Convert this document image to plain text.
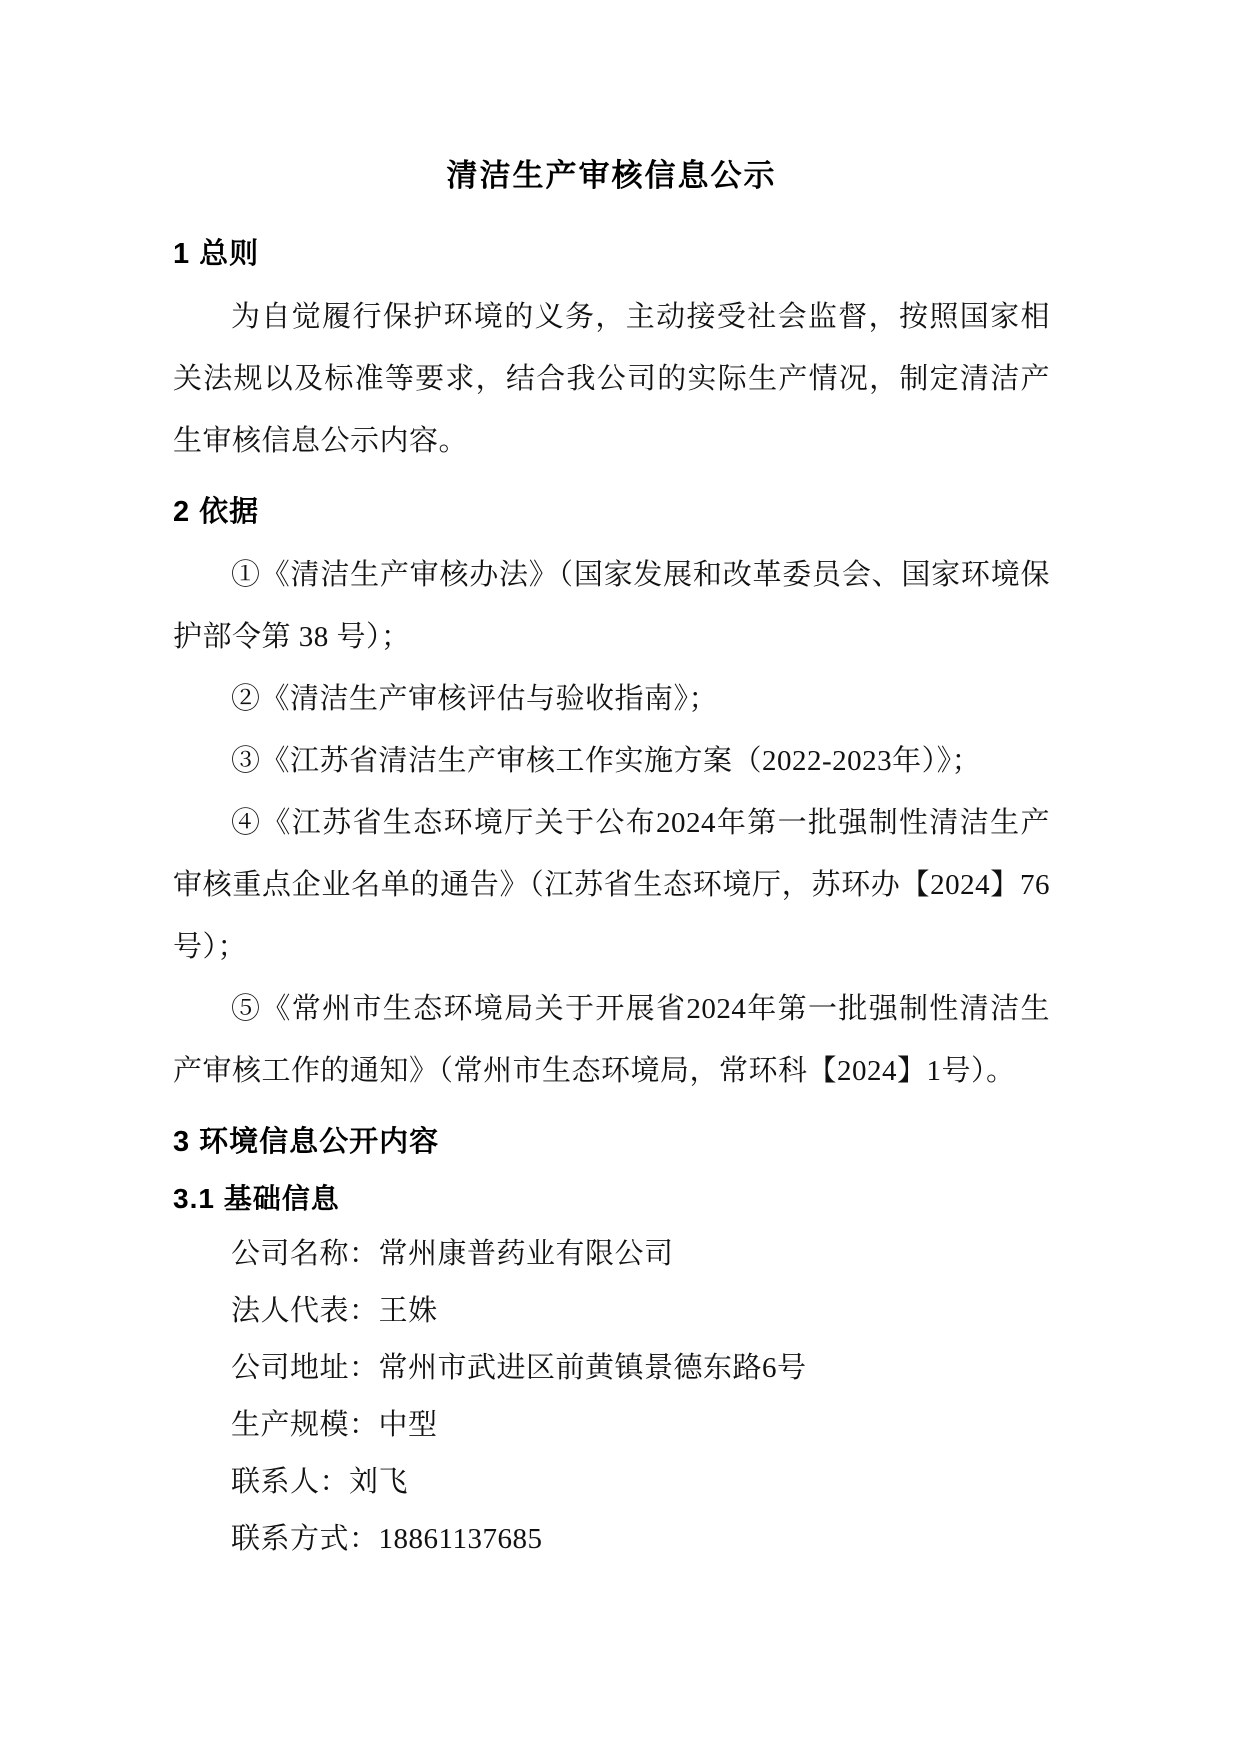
清洁生产审核信息公示
1 总则

为自觉履行保护环境的义务，主动接受社会监督，按照国家相关法规以及标准等要求，结合我公司的实际生产情况，制定清洁产生审核信息公示内容。

2 依据
①《清洁生产审核办法》（国家发展和改革委员会、国家环境保护部令第 38 号）；
②《清洁生产审核评估与验收指南》；
③《江苏省清洁生产审核工作实施方案（2022-2023年）》；
④《江苏省生态环境厅关于公布2024年第一批强制性清洁生产审核重点企业名单的通告》（江苏省生态环境厅，苏环办【2024】76 号）；
⑤《常州市生态环境局关于开展省2024年第一批强制性清洁生产审核工作的通知》（常州市生态环境局，常环科【2024】1号）。
3 环境信息公开内容
3.1 基础信息

公司名称：常州康普药业有限公司

法人代表：王姝

公司地址：常州市武进区前黄镇景德东路6号

生产规模：中型

联系人：刘飞

联系方式：18861137685
